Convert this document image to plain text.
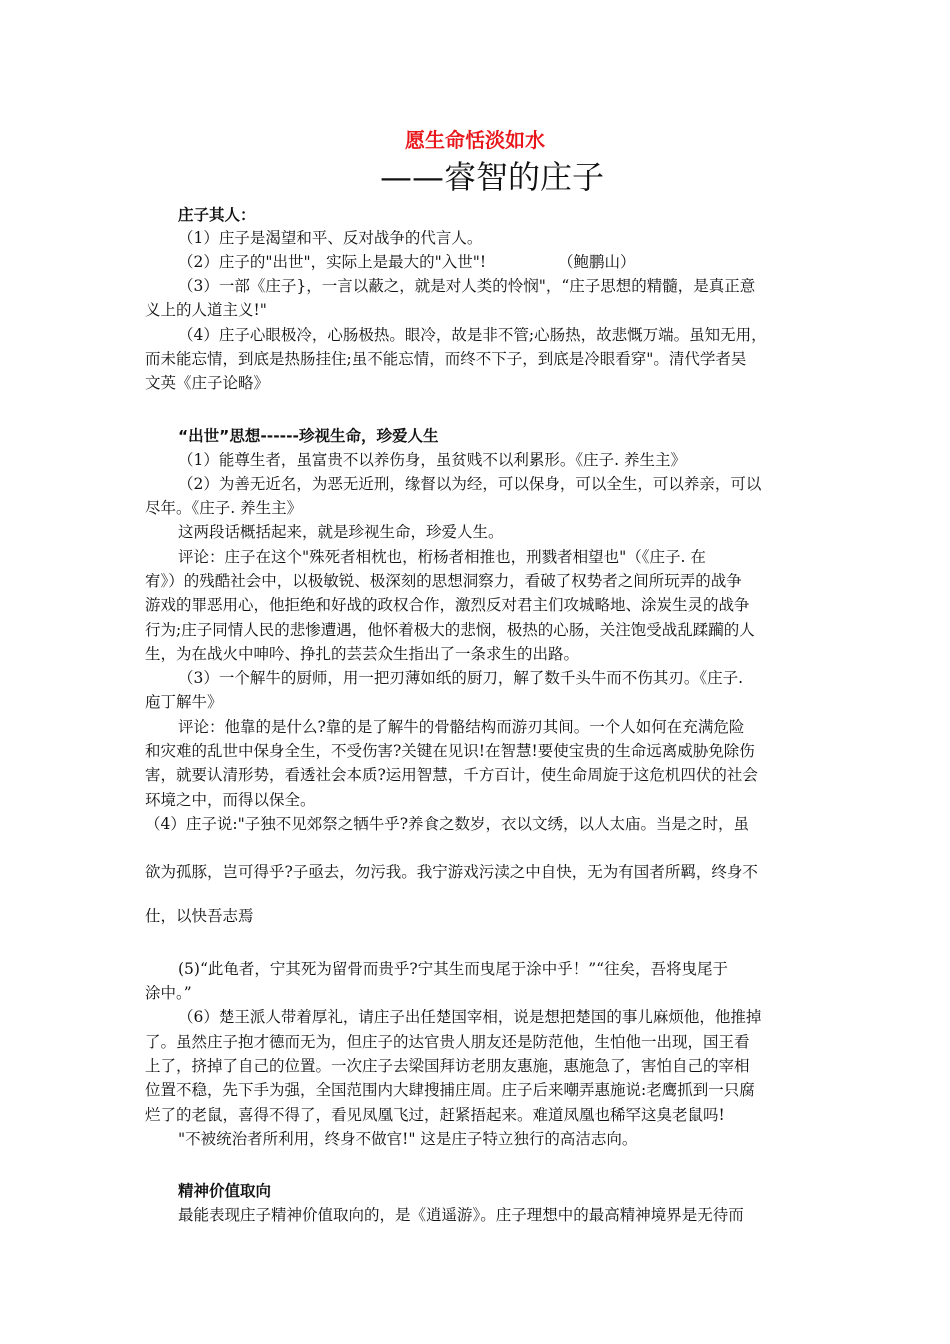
愿生命恬淡如水
——睿智的庄子
庄子其人：
（1）庄子是渴望和平、反对战争的代言人。
（2）庄子的"出世"，实际上是最大的"入世"!	（鲍鹏山）
（3）一部《庄子}，一言以蔽之，就是对人类的怜悯"，“庄子思想的精髓，是真正意
义上的人道主义!"
（4）庄子心眼极冷，心肠极热。眼冷，故是非不管;心肠热，故悲慨万端。虽知无用，
而未能忘情，到底是热肠挂住;虽不能忘情，而终不下子，到底是冷眼看穿"。清代学者吴
文英《庄子论略》
“出世”思想------珍视生命，珍爱人生
（1）能尊生者，虽富贵不以养伤身，虽贫贱不以利累形。《庄子. 养生主》
（2）为善无近名，为恶无近刑，缘督以为经，可以保身，可以全生，可以养亲，可以
尽年。《庄子. 养生主》
这两段话概括起来，就是珍视生命，珍爱人生。
评论：庄子在这个"殊死者相枕也，桁杨者相推也，刑戮者相望也"（《庄子. 在
宥》）的残酷社会中，以极敏锐、极深刻的思想洞察力，看破了权势者之间所玩弄的战争
游戏的罪恶用心，他拒绝和好战的政权合作，激烈反对君主们攻城略地、涂炭生灵的战争
行为;庄子同情人民的悲惨遭遇，他怀着极大的悲悯，极热的心肠，关注饱受战乱蹂躏的人
生，为在战火中呻吟、挣扎的芸芸众生指出了一条求生的出路。
（3）一个解牛的厨师，用一把刃薄如纸的厨刀，解了数千头牛而不伤其刃。《庄子.
庖丁解牛》
评论：他靠的是什么?靠的是了解牛的骨骼结构而游刃其间。一个人如何在充满危险
和灾难的乱世中保身全生，不受伤害?关键在见识!在智慧!要使宝贵的生命远离威胁免除伤
害，就要认清形势，看透社会本质?运用智慧，千方百计，使生命周旋于这危机四伏的社会
环境之中，而得以保全。
（4）庄子说:"子独不见郊祭之牺牛乎?养食之数岁，衣以文绣，以人太庙。当是之时，虽
欲为孤豚，岂可得乎?子亟去，勿污我。我宁游戏污渎之中自快，无为有国者所羁，终身不
仕，以快吾志焉
(5)“此龟者，宁其死为留骨而贵乎?宁其生而曳尾于涂中乎！”“往矣，吾将曳尾于
涂中。”
（6）楚王派人带着厚礼，请庄子出任楚国宰相，说是想把楚国的事儿麻烦他，他推掉
了。虽然庄子抱才德而无为，但庄子的达官贵人朋友还是防范他，生怕他一出现，国王看
上了，挤掉了自己的位置。一次庄子去梁国拜访老朋友惠施，惠施急了，害怕自己的宰相
位置不稳，先下手为强，全国范围内大肆搜捕庄周。庄子后来嘲弄惠施说:老鹰抓到一只腐
烂了的老鼠，喜得不得了，看见凤凰飞过，赶紧捂起来。难道凤凰也稀罕这臭老鼠吗!
"不被统治者所利用，终身不做官!" 这是庄子特立独行的高洁志向。
精神价值取向
最能表现庄子精神价值取向的，是《逍遥游》。庄子理想中的最高精神境界是无待而
